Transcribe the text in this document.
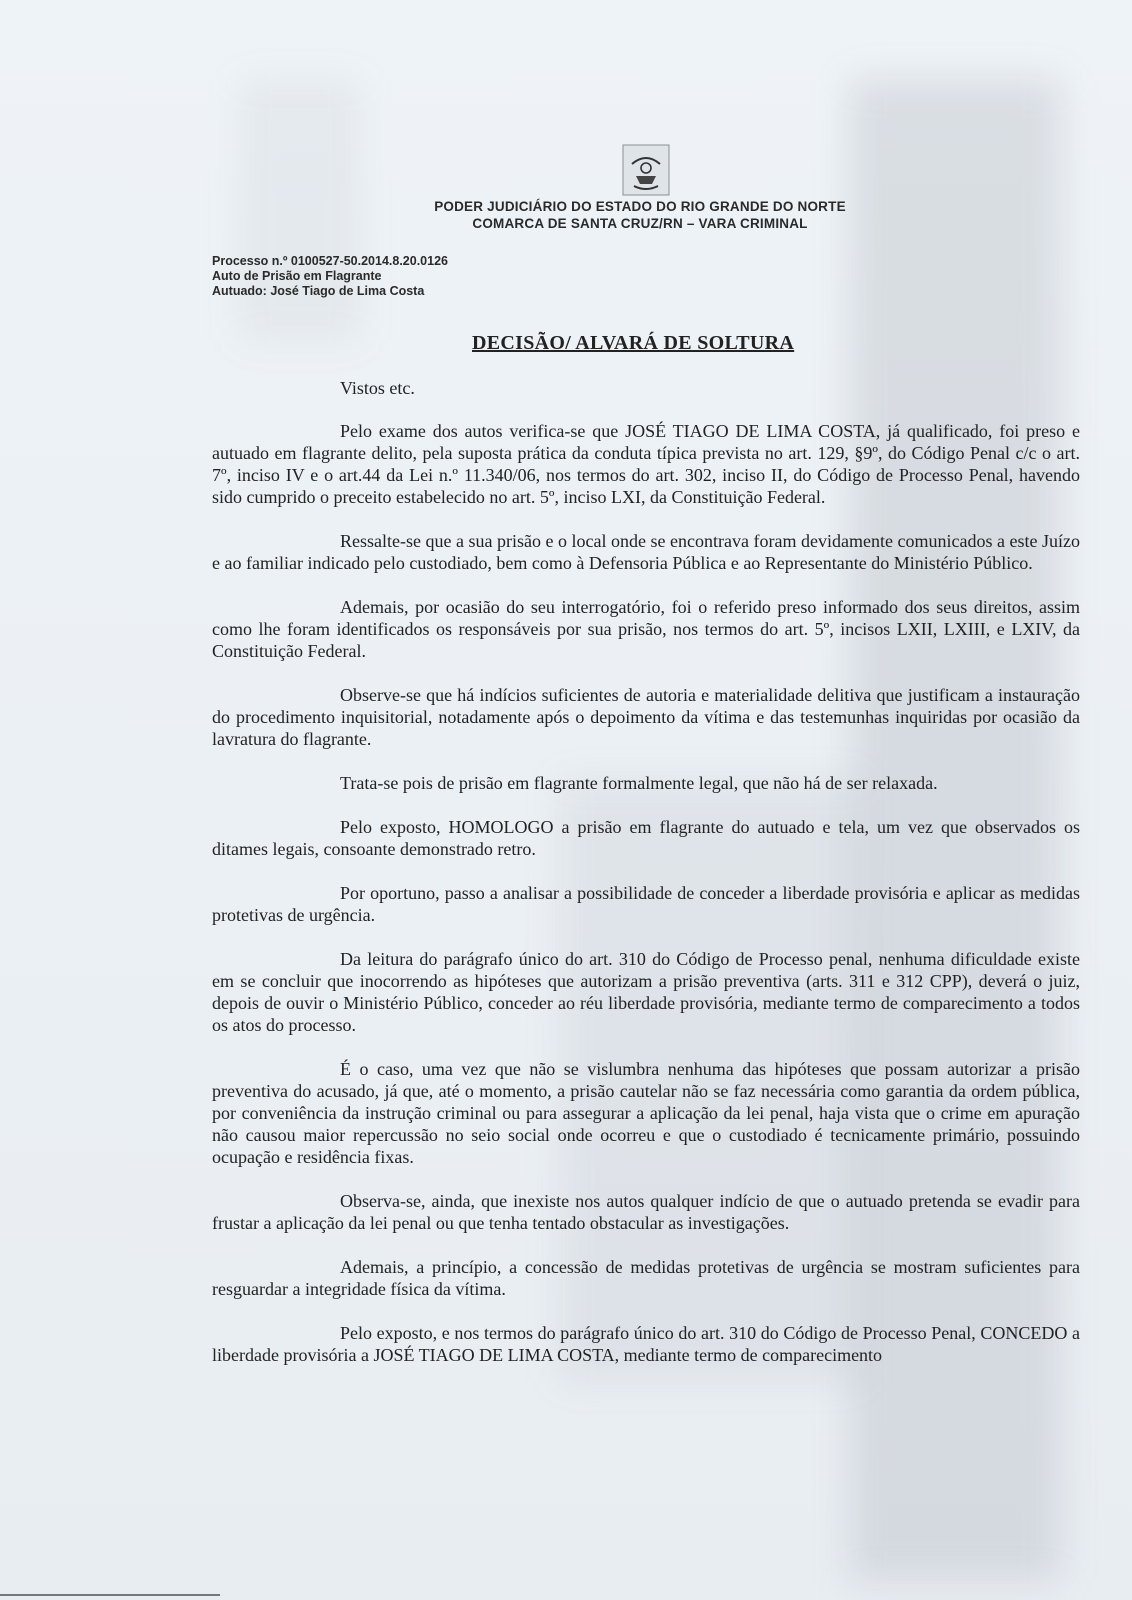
PODER JUDICIÁRIO DO ESTADO DO RIO GRANDE DO NORTE
COMARCA DE SANTA CRUZ/RN – VARA CRIMINAL
Processo n.º 0100527-50.2014.8.20.0126
Auto de Prisão em Flagrante
Autuado: José Tiago de Lima Costa
DECISÃO/ ALVARÁ DE SOLTURA
Vistos etc.

Pelo exame dos autos verifica-se que JOSÉ TIAGO DE LIMA COSTA, já qualificado, foi preso e autuado em flagrante delito, pela suposta prática da conduta típica prevista no art. 129, §9º, do Código Penal c/c o art. 7º, inciso IV e o art.44 da Lei n.º 11.340/06, nos termos do art. 302, inciso II, do Código de Processo Penal, havendo sido cumprido o preceito estabelecido no art. 5º, inciso LXI, da Constituição Federal.

Ressalte-se que a sua prisão e o local onde se encontrava foram devidamente comunicados a este Juízo e ao familiar indicado pelo custodiado, bem como à Defensoria Pública e ao Representante do Ministério Público.

Ademais, por ocasião do seu interrogatório, foi o referido preso informado dos seus direitos, assim como lhe foram identificados os responsáveis por sua prisão, nos termos do art. 5º, incisos LXII, LXIII, e LXIV, da Constituição Federal.

Observe-se que há indícios suficientes de autoria e materialidade delitiva que justificam a instauração do procedimento inquisitorial, notadamente após o depoimento da vítima e das testemunhas inquiridas por ocasião da lavratura do flagrante.

Trata-se pois de prisão em flagrante formalmente legal, que não há de ser relaxada.

Pelo exposto, HOMOLOGO a prisão em flagrante do autuado e tela, um vez que observados os ditames legais, consoante demonstrado retro.

Por oportuno, passo a analisar a possibilidade de conceder a liberdade provisória e aplicar as medidas protetivas de urgência.

Da leitura do parágrafo único do art. 310 do Código de Processo penal, nenhuma dificuldade existe em se concluir que inocorrendo as hipóteses que autorizam a prisão preventiva (arts. 311 e 312 CPP), deverá o juiz, depois de ouvir o Ministério Público, conceder ao réu liberdade provisória, mediante termo de comparecimento a todos os atos do processo.

É o caso, uma vez que não se vislumbra nenhuma das hipóteses que possam autorizar a prisão preventiva do acusado, já que, até o momento, a prisão cautelar não se faz necessária como garantia da ordem pública, por conveniência da instrução criminal ou para assegurar a aplicação da lei penal, haja vista que o crime em apuração não causou maior repercussão no seio social onde ocorreu e que o custodiado é tecnicamente primário, possuindo ocupação e residência fixas.

Observa-se, ainda, que inexiste nos autos qualquer indício de que o autuado pretenda se evadir para frustar a aplicação da lei penal ou que tenha tentado obstacular as investigações.

Ademais, a princípio, a concessão de medidas protetivas de urgência se mostram suficientes para resguardar a integridade física da vítima.

Pelo exposto, e nos termos do parágrafo único do art. 310 do Código de Processo Penal, CONCEDO a liberdade provisória a JOSÉ TIAGO DE LIMA COSTA, mediante termo de comparecimento
